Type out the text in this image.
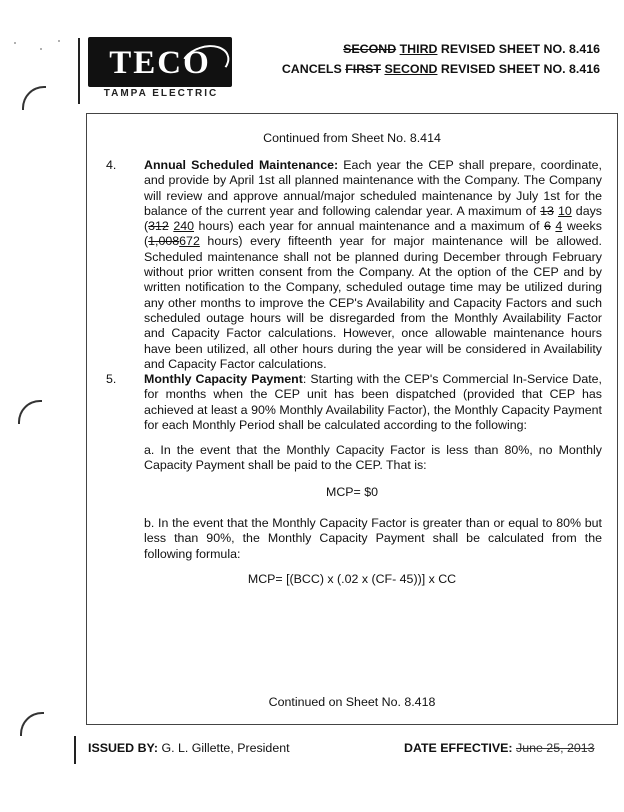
TECO
TAMPA ELECTRIC
SECOND THIRD REVISED SHEET NO. 8.416
CANCELS FIRST SECOND REVISED SHEET NO. 8.416
Continued from Sheet No. 8.414
4. Annual Scheduled Maintenance: Each year the CEP shall prepare, coordinate, and provide by April 1st all planned maintenance with the Company. The Company will review and approve annual/major scheduled maintenance by July 1st for the balance of the current year and following calendar year. A maximum of 13 10 days (312 240 hours) each year for annual maintenance and a maximum of 6 4 weeks (1,008672 hours) every fifteenth year for major maintenance will be allowed. Scheduled maintenance shall not be planned during December through February without prior written consent from the Company. At the option of the CEP and by written notification to the Company, scheduled outage time may be utilized during any other months to improve the CEP's Availability and Capacity Factors and such scheduled outage hours will be disregarded from the Monthly Availability Factor and Capacity Factor calculations. However, once allowable maintenance hours have been utilized, all other hours during the year will be considered in Availability and Capacity Factor calculations.
5. Monthly Capacity Payment: Starting with the CEP's Commercial In-Service Date, for months when the CEP unit has been dispatched (provided that CEP has achieved at least a 90% Monthly Availability Factor), the Monthly Capacity Payment for each Monthly Period shall be calculated according to the following:
a. In the event that the Monthly Capacity Factor is less than 80%, no Monthly Capacity Payment shall be paid to the CEP. That is:
MCP= $0
b. In the event that the Monthly Capacity Factor is greater than or equal to 80% but less than 90%, the Monthly Capacity Payment shall be calculated from the following formula:
MCP= [(BCC) x (.02 x (CF- 45))] x CC
Continued on Sheet No. 8.418
ISSUED BY: G. L. Gillette, President	DATE EFFECTIVE: June 25, 2013
